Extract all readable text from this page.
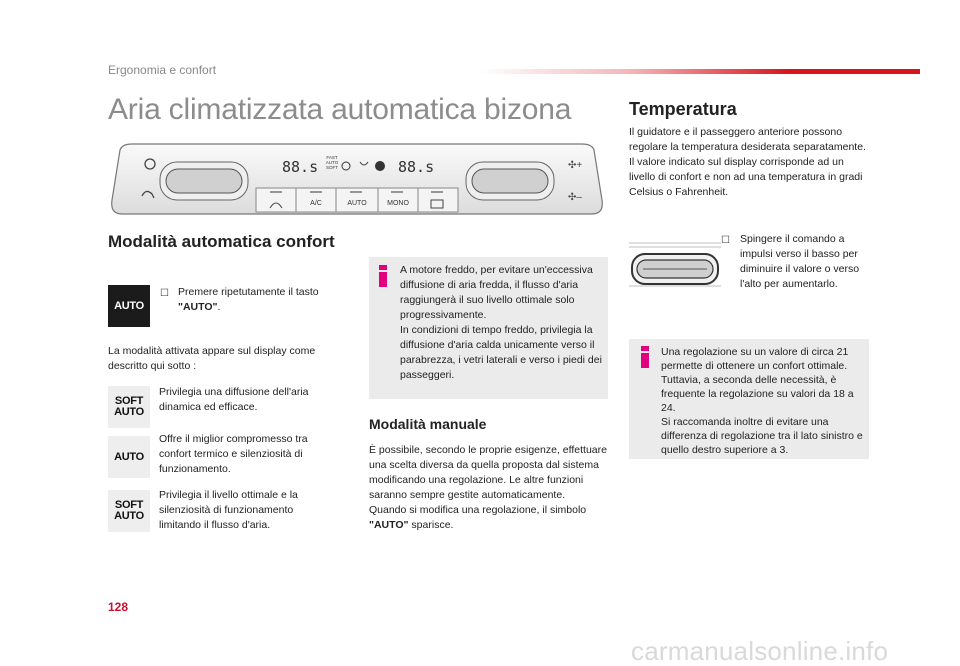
Ergonomia e confort
Aria climatizzata automatica bizona
A/C	AUTO	MONO
88.s	88.s
FAST
AUTO
SOFT	✣+
✣–
Modalità automatica confort
AUTO
☐ Premere ripetutamente il tasto
"AUTO".
La modalità attivata appare sul display come descritto qui sotto :
SOFT
AUTO
Privilegia una diffusione dell'aria dinamica ed efficace.
AUTO
Offre il miglior compromesso tra confort termico e silenziosità di funzionamento.
SOFT
AUTO
Privilegia il livello ottimale e la silenziosità di funzionamento limitando il flusso d'aria.
A motore freddo, per evitare un'eccessiva diffusione di aria fredda, il flusso d'aria raggiungerà il suo livello ottimale solo progressivamente.
In condizioni di tempo freddo, privilegia la diffusione d'aria calda unicamente verso il parabrezza, i vetri laterali e verso i piedi dei passeggeri.
Modalità manuale
È possibile, secondo le proprie esigenze, effettuare una scelta diversa da quella proposta dal sistema modificando una regolazione. Le altre funzioni saranno sempre gestite automaticamente.
Quando si modifica una regolazione, il simbolo "AUTO" sparisce.
Temperatura
Il guidatore e il passeggero anteriore possono regolare la temperatura desiderata separatamente.
Il valore indicato sul display corrisponde ad un livello di confort e non ad una temperatura in gradi Celsius o Fahrenheit.
☐ Spingere il comando a impulsi verso il basso per diminuire il valore o verso l'alto per aumentarlo.
Una regolazione su un valore di circa 21 permette di ottenere un confort ottimale. Tuttavia, a seconda delle necessità, è frequente la regolazione su valori da 18 a 24.
Si raccomanda inoltre di evitare una differenza di regolazione tra il lato sinistro e quello destro superiore a 3.
128
carmanualsonline.info
